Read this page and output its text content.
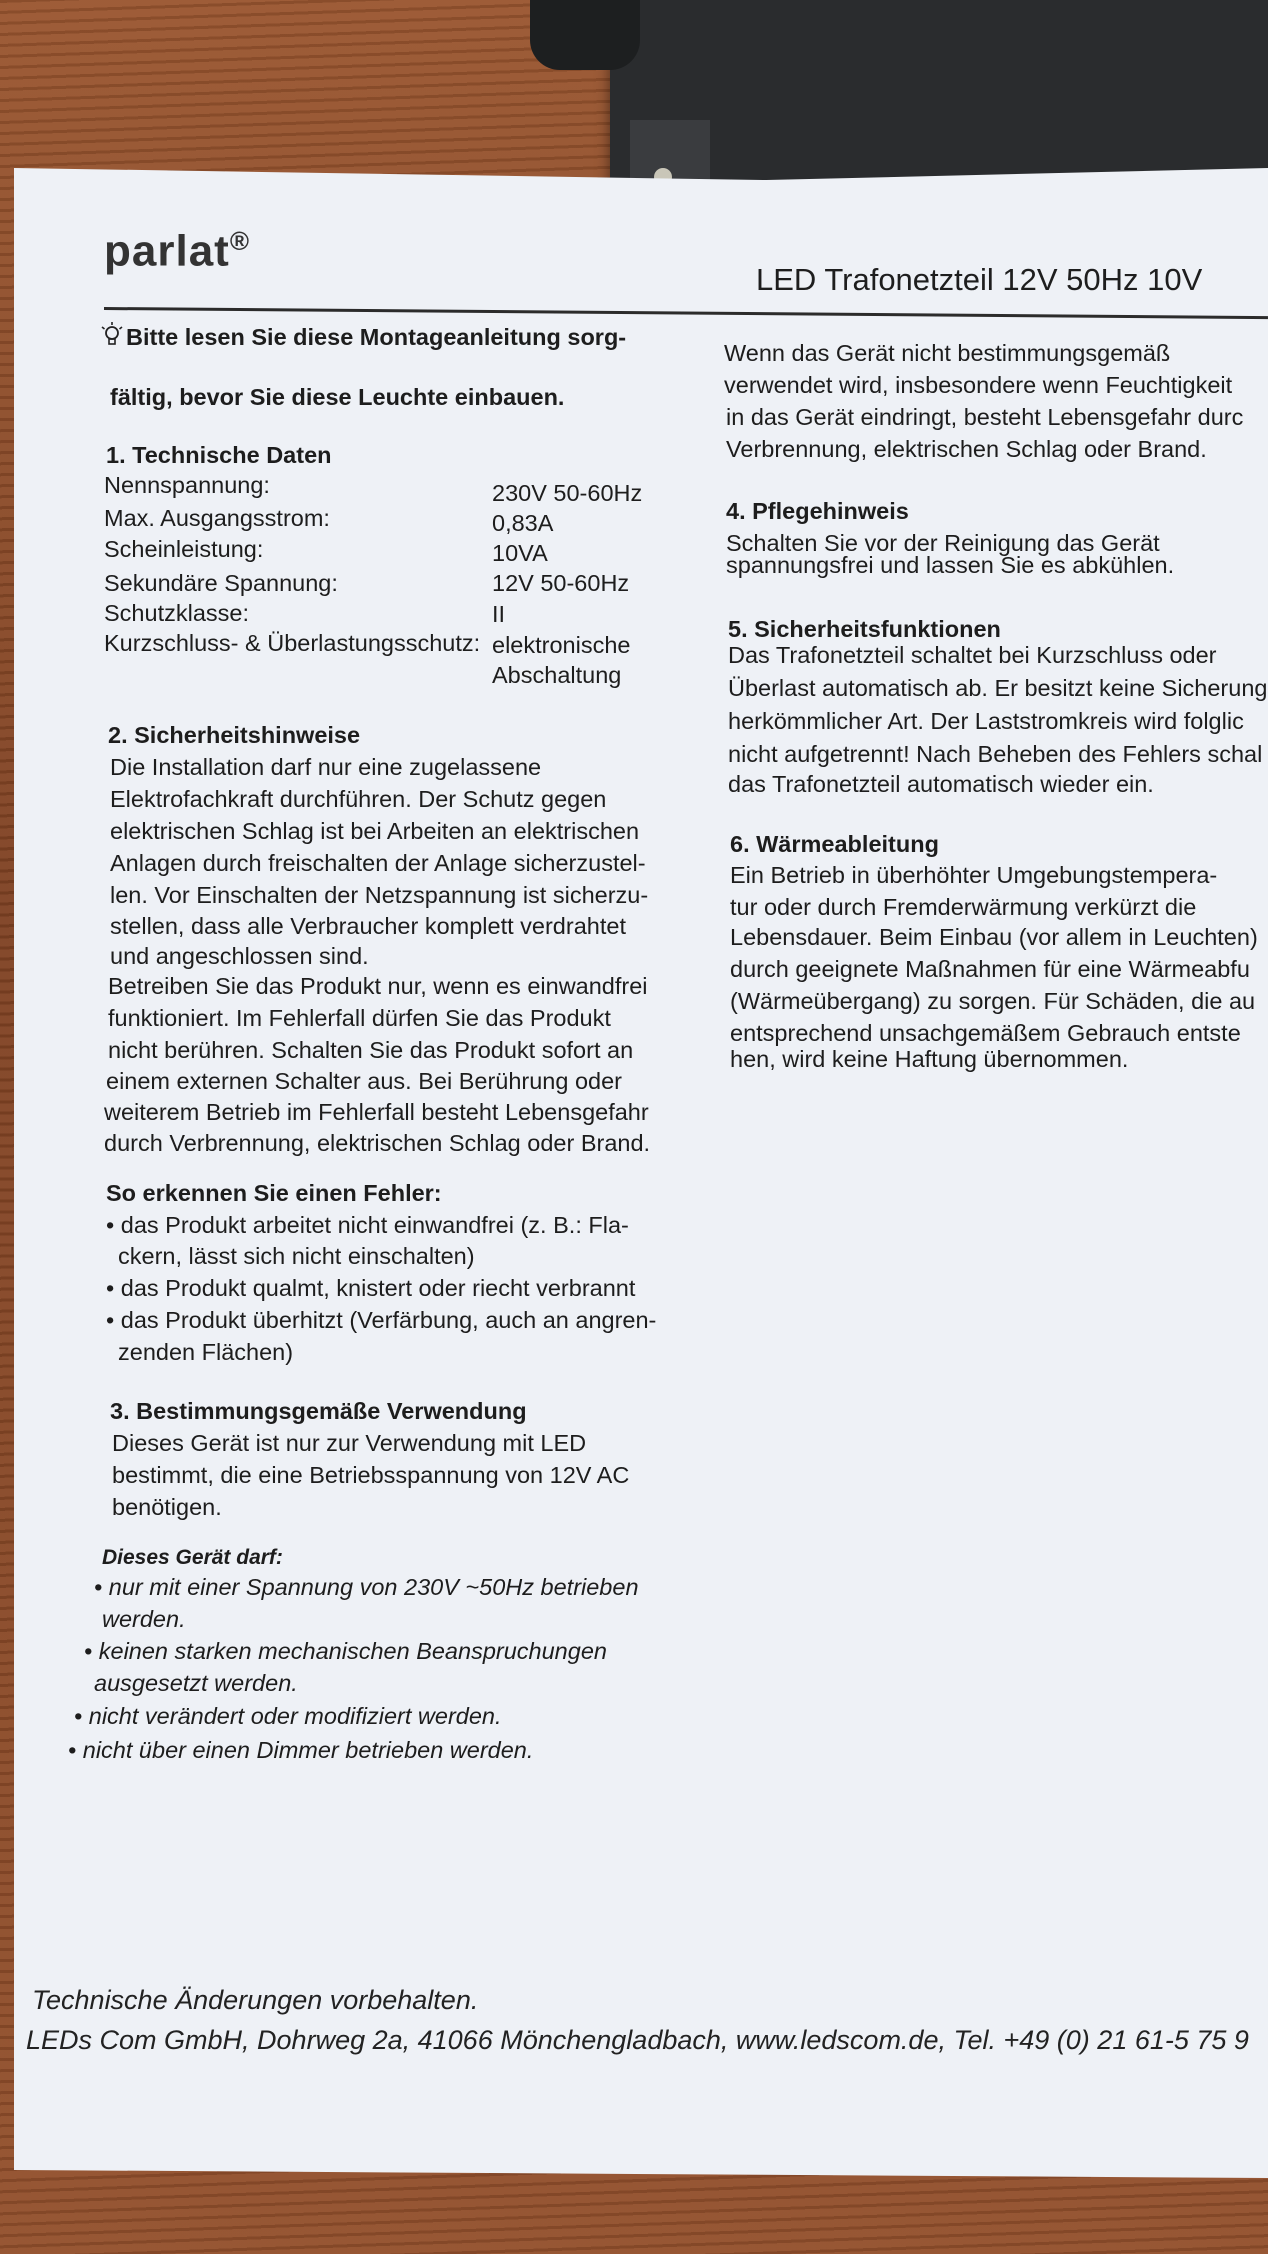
parlat®
LED Trafonetzteil 12V 50Hz 10V
Bitte lesen Sie diese Montageanleitung sorg-
fältig, bevor Sie diese Leuchte einbauen.
1. Technische Daten
Nennspannung:	230V 50-60Hz
Max. Ausgangsstrom:	0,83A
Scheinleistung:	10VA
Sekundäre Spannung:	12V 50-60Hz
Schutzklasse:	II
Kurzschluss- & Überlastungsschutz: elektronische
Abschaltung
2. Sicherheitshinweise
Die Installation darf nur eine zugelassene
Elektrofachkraft durchführen. Der Schutz gegen
elektrischen Schlag ist bei Arbeiten an elektrischen
Anlagen durch freischalten der Anlage sicherzustel-
len. Vor Einschalten der Netzspannung ist sicherzu-
stellen, dass alle Verbraucher komplett verdrahtet
und angeschlossen sind.
Betreiben Sie das Produkt nur, wenn es einwandfrei
funktioniert. Im Fehlerfall dürfen Sie das Produkt
nicht berühren. Schalten Sie das Produkt sofort an
einem externen Schalter aus. Bei Berührung oder
weiterem Betrieb im Fehlerfall besteht Lebensgefahr
durch Verbrennung, elektrischen Schlag oder Brand.
So erkennen Sie einen Fehler:
• das Produkt arbeitet nicht einwandfrei (z. B.: Fla-
ckern, lässt sich nicht einschalten)
• das Produkt qualmt, knistert oder riecht verbrannt
• das Produkt überhitzt (Verfärbung, auch an angren-
zenden Flächen)
3. Bestimmungsgemäße Verwendung
Dieses Gerät ist nur zur Verwendung mit LED
bestimmt, die eine Betriebsspannung von 12V AC
benötigen.
Dieses Gerät darf:
• nur mit einer Spannung von 230V ~50Hz betrieben
werden.
• keinen starken mechanischen Beanspruchungen
ausgesetzt werden.
• nicht verändert oder modifiziert werden.
• nicht über einen Dimmer betrieben werden.
Wenn das Gerät nicht bestimmungsgemäß
verwendet wird, insbesondere wenn Feuchtigkeit
in das Gerät eindringt, besteht Lebensgefahr durc
Verbrennung, elektrischen Schlag oder Brand.
4. Pflegehinweis
Schalten Sie vor der Reinigung das Gerät
spannungsfrei und lassen Sie es abkühlen.
5. Sicherheitsfunktionen
Das Trafonetzteil schaltet bei Kurzschluss oder
Überlast automatisch ab. Er besitzt keine Sicherung
herkömmlicher Art. Der Laststromkreis wird folglic
nicht aufgetrennt! Nach Beheben des Fehlers schal
das Trafonetzteil automatisch wieder ein.
6. Wärmeableitung
Ein Betrieb in überhöhter Umgebungstempera-
tur oder durch Fremderwärmung verkürzt die
Lebensdauer. Beim Einbau (vor allem in Leuchten)
durch geeignete Maßnahmen für eine Wärmeabfu
(Wärmeübergang) zu sorgen. Für Schäden, die au
entsprechend unsachgemäßem Gebrauch entste
hen, wird keine Haftung übernommen.
Technische Änderungen vorbehalten.
LEDs Com GmbH, Dohrweg 2a, 41066 Mönchengladbach, www.ledscom.de, Tel. +49 (0) 21 61-5 75 9
